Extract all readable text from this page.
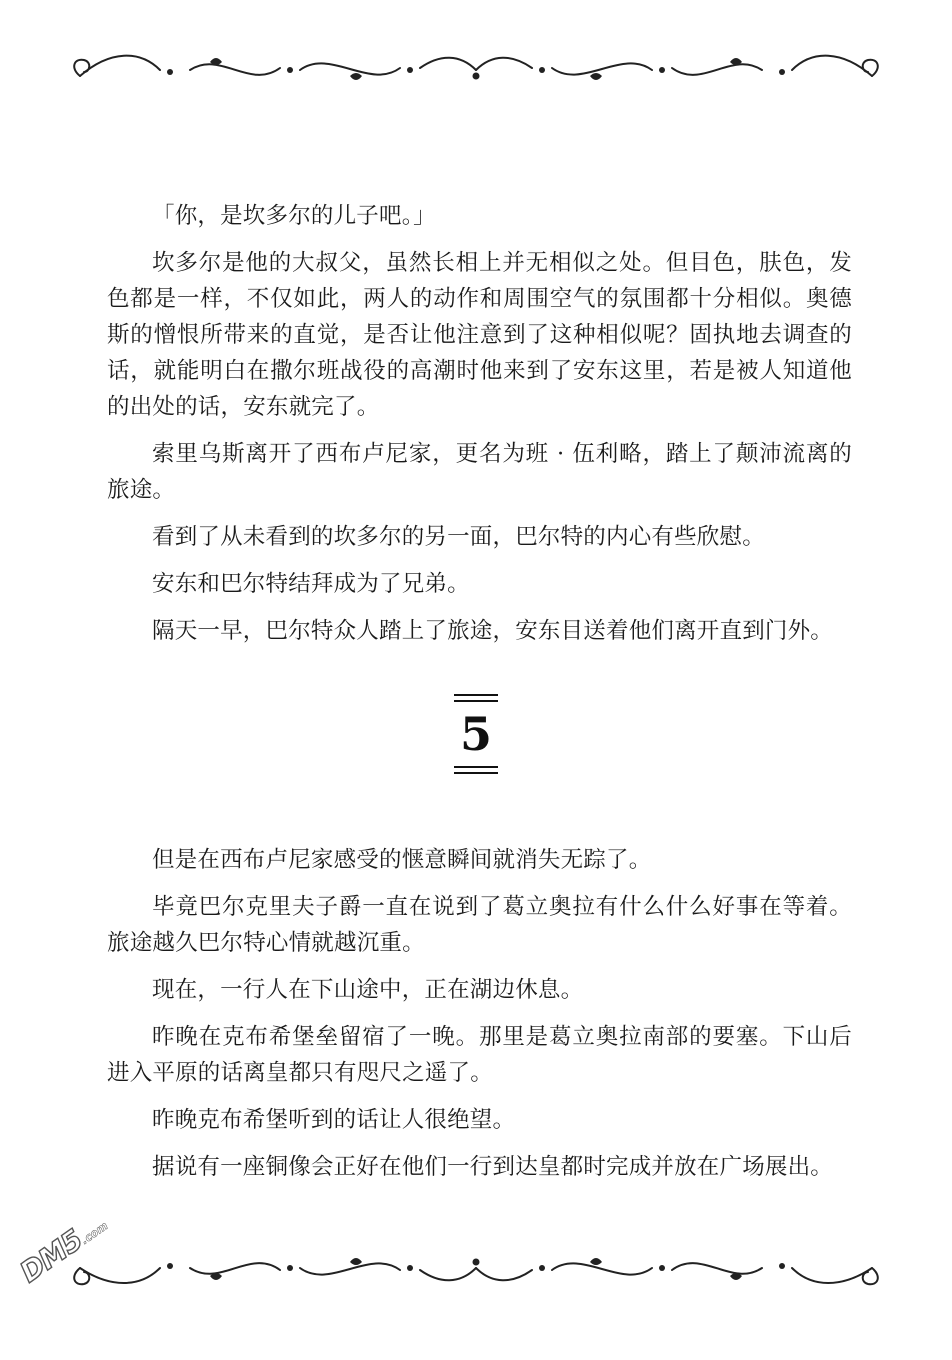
「你，是坎多尔的儿子吧。」

坎多尔是他的大叔父，虽然长相上并无相似之处。但目色，肤色，发色都是一样，不仅如此，两人的动作和周围空气的氛围都十分相似。奥德斯的憎恨所带来的直觉，是否让他注意到了这种相似呢？固执地去调查的话，就能明白在撒尔班战役的高潮时他来到了安东这里，若是被人知道他的出处的话，安东就完了。

索里乌斯离开了西布卢尼家，更名为班 · 伍利略，踏上了颠沛流离的旅途。

看到了从未看到的坎多尔的另一面，巴尔特的内心有些欣慰。

安东和巴尔特结拜成为了兄弟。

隔天一早，巴尔特众人踏上了旅途，安东目送着他们离开直到门外。

5

但是在西布卢尼家感受的惬意瞬间就消失无踪了。

毕竟巴尔克里夫子爵一直在说到了葛立奥拉有什么什么好事在等着。旅途越久巴尔特心情就越沉重。

现在，一行人在下山途中，正在湖边休息。

昨晚在克布希堡垒留宿了一晚。那里是葛立奥拉南部的要塞。下山后进入平原的话离皇都只有咫尺之遥了。

昨晚克布希堡听到的话让人很绝望。

据说有一座铜像会正好在他们一行到达皇都时完成并放在广场展出。

DM5.com
